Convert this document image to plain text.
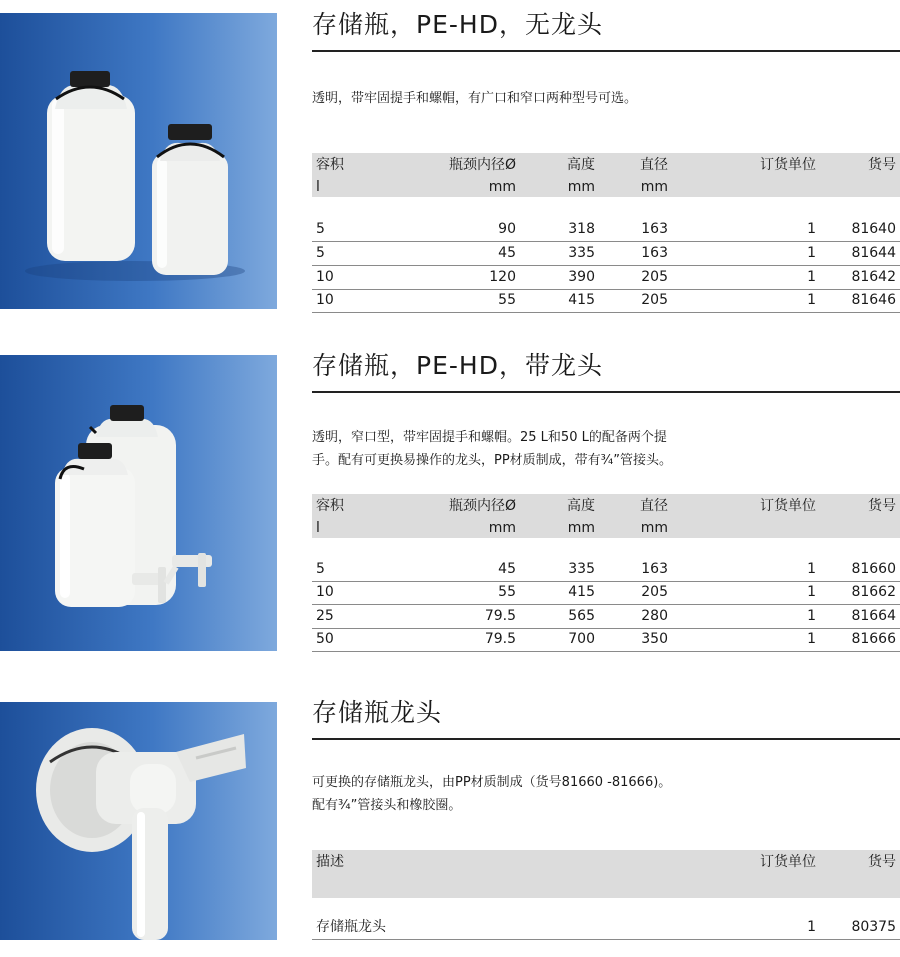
存储瓶，PE-HD，无龙头

透明，带牢固提手和螺帽，有广口和窄口两种型号可选。

容积	瓶颈内径Ø	高度	直径	订货单位	货号
l	mm	mm	mm
5	90	318	163	1	81640
5	45	335	163	1	81644
10	120	390	205	1	81642
10	55	415	205	1	81646
存储瓶，PE-HD，带龙头

透明，窄口型，带牢固提手和螺帽。25 L和50 L的配备两个提

手。配有可更换易操作的龙头，PP材质制成，带有¾”管接头。

容积	瓶颈内径Ø	高度	直径	订货单位	货号
l	mm	mm	mm
5	45	335	163	1	81660
10	55	415	205	1	81662
25	79.5	565	280	1	81664
50	79.5	700	350	1	81666
存储瓶龙头

可更换的存储瓶龙头，由PP材质制成（货号81660 -81666)。

配有¾”管接头和橡胶圈。

描述	订货单位	货号
存储瓶龙头	1	80375
